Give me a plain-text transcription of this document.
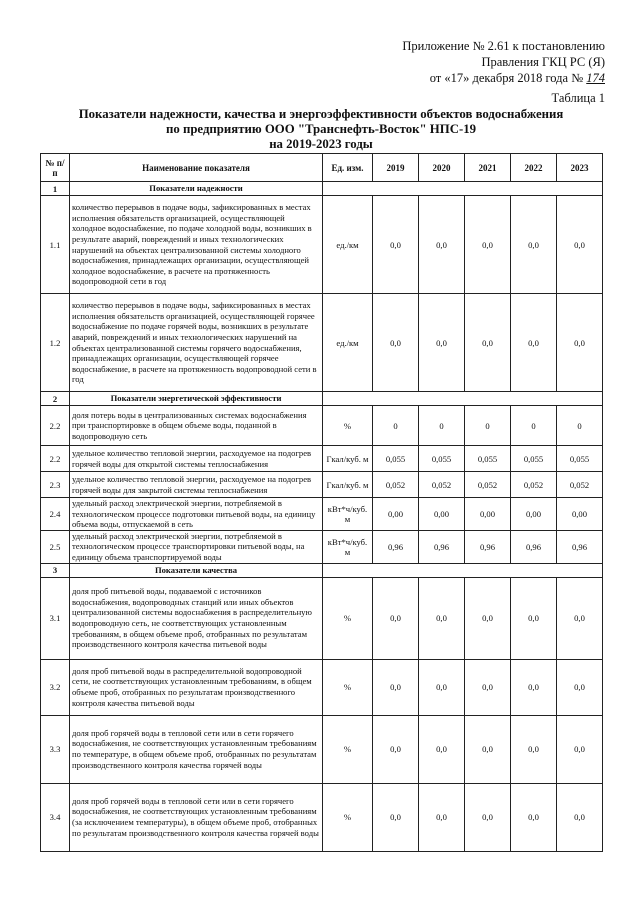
Приложение № 2.61 к постановлению
Правления ГКЦ РС (Я)
от «17» декабря 2018 года № 174
Таблица 1
Показатели надежности, качества и энергоэффективности объектов водоснабжения
по предприятию ООО "Транснефть-Восток" НПС-19
на 2019-2023 годы
№ п/п	Наименование показателя	Ед. изм.	2019	2020	2021	2022	2023
1	Показатели надежности						
1.1	количество перерывов в подаче воды, зафиксированных в местах исполнения обязательств организацией, осуществляющей холодное водоснабжение, по подаче холодной воды, возникших в результате аварий, повреждений и иных технологических нарушений на объектах централизованной системы холодного водоснабжения, принадлежащих организации, осуществляющей холодное водоснабжение, в расчете на протяженность водопроводной сети в год	ед./км	0,0	0,0	0,0	0,0	0,0
1.2	количество перерывов в подаче воды, зафиксированных в местах исполнения обязательств организацией, осуществляющей горячее водоснабжение по подаче горячей воды, возникших в результате аварий, повреждений и иных технологических нарушений на объектах централизованной системы горячего водоснабжения, принадлежащих организации, осуществляющей горячее водоснабжение, в расчете на протяженность водопроводной сети в год	ед./км	0,0	0,0	0,0	0,0	0,0
2	Показатели энергетической эффективности						
2.2	доля потерь воды в централизованных системах водоснабжения при транспортировке в общем объеме воды, поданной в водопроводную сеть	%	0	0	0	0	0
2.2	удельное количество тепловой энергии, расходуемое на подогрев горячей воды для открытой системы теплоснабжения	Гкал/куб. м	0,055	0,055	0,055	0,055	0,055
2.3	удельное количество тепловой энергии, расходуемое на подогрев горячей воды для закрытой системы теплоснабжения	Гкал/куб. м	0,052	0,052	0,052	0,052	0,052
2.4	удельный расход электрической энергии, потребляемой в технологическом процессе подготовки питьевой воды, на единицу объема воды, отпускаемой в сеть	кВт*ч/куб. м	0,00	0,00	0,00	0,00	0,00
2.5	удельный расход электрической энергии, потребляемой в технологическом процессе транспортировки питьевой воды, на единицу объема транспортируемой воды	кВт*ч/куб. м	0,96	0,96	0,96	0,96	0,96
3	Показатели качества						
3.1	доля проб питьевой воды, подаваемой с источников водоснабжения, водопроводных станций или иных объектов централизованной системы водоснабжения в распределительную водопроводную сеть, не соответствующих установленным требованиям, в общем объеме проб, отобранных по результатам производственного контроля качества питьевой воды	%	0,0	0,0	0,0	0,0	0,0
3.2	доля проб питьевой воды в распределительной водопроводной сети, не соответствующих установленным требованиям, в общем объеме проб, отобранных по результатам производственного контроля качества питьевой воды	%	0,0	0,0	0,0	0,0	0,0
3.3	доля проб горячей воды в тепловой сети или в сети горячего водоснабжения, не соответствующих установленным требованиям по температуре, в общем объеме проб, отобранных по результатам производственного контроля качества горячей воды	%	0,0	0,0	0,0	0,0	0,0
3.4	доля проб горячей воды в тепловой сети или в сети горячего водоснабжения, не соответствующих установленным требованиям (за исключением температуры), в общем объеме проб, отобранных по результатам производственного контроля качества горячей воды	%	0,0	0,0	0,0	0,0	0,0
